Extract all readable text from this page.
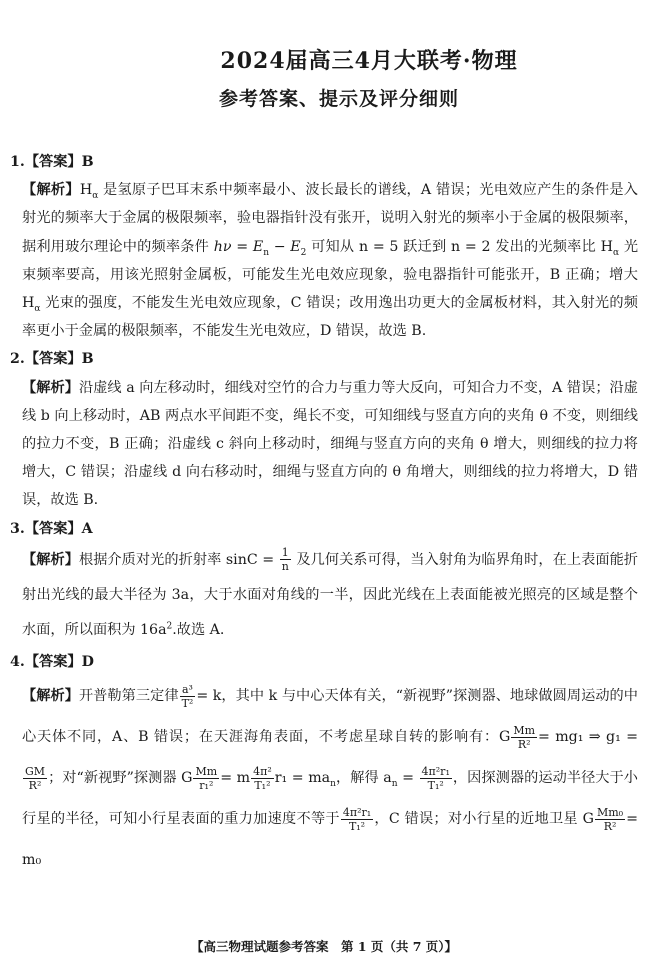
2024届高三4月大联考·物理
参考答案、提示及评分细则
1.【答案】B
【解析】$H_\alpha$ 是氢原子巴耳末系中频率最小、波长最长的谱线，A 错误；光电效应产生的条件是入射光的频率大于金属的极限频率，验电器指针没有张开，说明入射光的频率小于金属的极限频率，据利用玻尔理论中的频率条件 $h\nu = E_n - E_2$ 可知从 n = 5 跃迁到 n = 2 发出的光频率比 $H_\alpha$ 光束频率要高，用该光照射金属板，可能发生光电效应现象，验电器指针可能张开，B 正确；增大 $H_\alpha$ 光束的强度，不能发生光电效应现象，C 错误；改用逸出功更大的金属板材料，其入射光的频率更小于金属的极限频率，不能发生光电效应，D 错误，故选 B.
2.【答案】B
【解析】沿虚线 a 向左移动时，细线对空竹的合力与重力等大反向，可知合力不变，A 错误；沿虚线 b 向上移动时，AB 两点水平间距不变，绳长不变，可知细线与竖直方向的夹角 θ 不变，则细线的拉力不变，B 正确；沿虚线 c 斜向上移动时，细绳与竖直方向的夹角 θ 增大，则细线的拉力将增大，C 错误；沿虚线 d 向右移动时，细绳与竖直方向的 θ 角增大，则细线的拉力将增大，D 错误，故选 B.
3.【答案】A
【解析】根据介质对光的折射率 $\sin C = \frac{1}{n}$ 及几何关系可得，当入射角为临界角时，在上表面能折射出光线的最大半径为 3a，大于水面对角线的一半，因此光线在上表面能被光照亮的区域是整个水面，所以面积为 $16a^2$.故选 A.
4.【答案】D
【解析】开普勒第三定律 $\frac{\text{a³}}{\text{T²}} = k$，其中 k 与中心天体有关，“新视野”探测器、地球做圆周运动的中心天体不同，A、B 错误；在天涯海角表面，不考虑星球自转的影响有：G $\frac{Mm}{\text{R²}} = mg_1$ ⇒ g₁ =
$\frac{GM}{\text{R²}}$ ；对“新视野”探测器 G $\frac{Mm}{\text{r₁²}} = m \frac{\text{4π²}}{\text{T₁²}} r_1 = ma_n$，解得 $a_n = \frac{\text{4π²r₁}}{\text{T₁²}}$ ，因探测器的运动半径大于小行星的半径，可知小行星表面的重力加速度不等于 $\frac{\text{4π²r₁}}{\text{T₁²}}$ ，C 错误；对小行星的近地卫星 G $\frac{\text{Mm₀}}{\text{R²}} = m_0$
【高三物理试题参考答案　第 1 页（共 7 页）】
